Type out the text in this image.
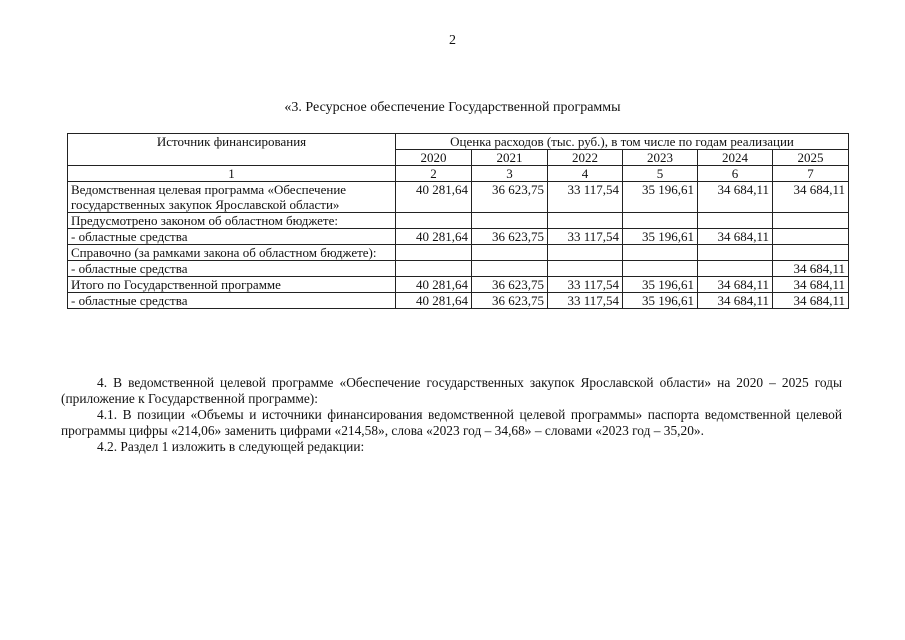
2
«3. Ресурсное обеспечение Государственной программы
Источник финансирования	Оценка расходов (тыс. руб.), в том числе по годам реализации					
	2020	2021	2022	2023	2024	2025
1	2	3	4	5	6	7
Ведомственная целевая программа «Обеспечение государственных закупок Ярославской области»	40 281,64	36 623,75	33 117,54	35 196,61	34 684,11	34 684,11
Предусмотрено законом об областном бюджете:						
- областные средства	40 281,64	36 623,75	33 117,54	35 196,61	34 684,11	
Справочно (за рамками закона об областном бюджете):						
- областные средства						34 684,11
Итого по Государственной программе	40 281,64	36 623,75	33 117,54	35 196,61	34 684,11	34 684,11
- областные средства	40 281,64	36 623,75	33 117,54	35 196,61	34 684,11	34 684,11

4. В ведомственной целевой программе «Обеспечение государственных закупок Ярославской области» на 2020 – 2025 годы (приложение к Государственной программе):

4.1. В позиции «Объемы и источники финансирования ведомственной целевой программы» паспорта ведомственной целевой программы цифры «214,06» заменить цифрами «214,58», слова «2023 год – 34,68» – словами «2023 год – 35,20».

4.2. Раздел 1 изложить в следующей редакции:
